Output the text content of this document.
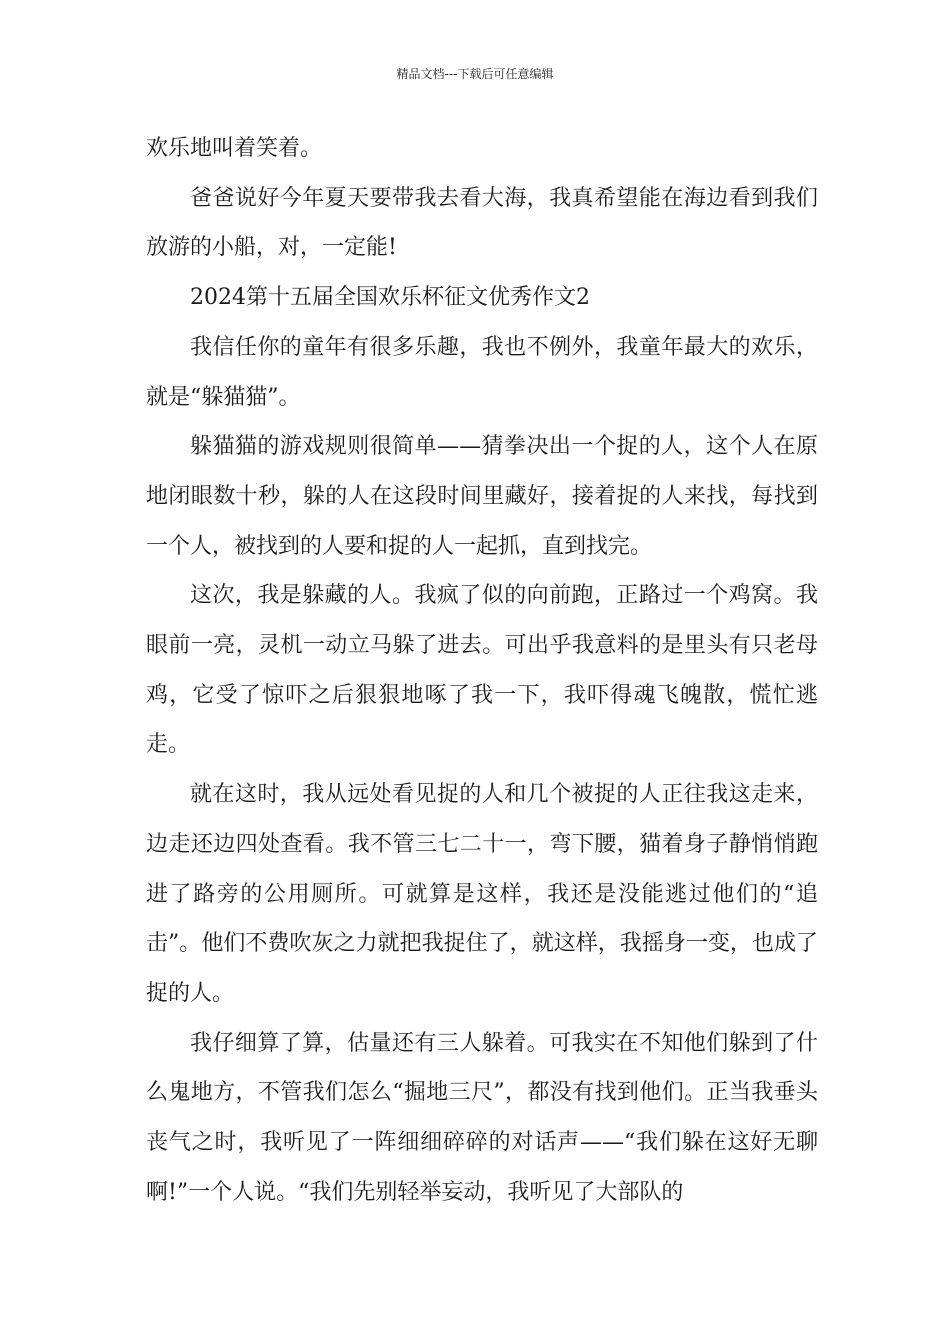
精品文档---下载后可任意编辑

欢乐地叫着笑着。

爸爸说好今年夏天要带我去看大海，我真希望能在海边看到我们放游的小船，对，一定能!

2024第十五届全国欢乐杯征文优秀作文2

我信任你的童年有很多乐趣，我也不例外，我童年最大的欢乐，就是“躲猫猫”。

躲猫猫的游戏规则很简单——猜拳决出一个捉的人，这个人在原地闭眼数十秒，躲的人在这段时间里藏好，接着捉的人来找，每找到一个人，被找到的人要和捉的人一起抓，直到找完。

这次，我是躲藏的人。我疯了似的向前跑，正路过一个鸡窝。我眼前一亮，灵机一动立马躲了进去。可出乎我意料的是里头有只老母鸡，它受了惊吓之后狠狠地啄了我一下，我吓得魂飞魄散，慌忙逃走。

就在这时，我从远处看见捉的人和几个被捉的人正往我这走来，边走还边四处查看。我不管三七二十一，弯下腰，猫着身子静悄悄跑进了路旁的公用厕所。可就算是这样，我还是没能逃过他们的“追击”。他们不费吹灰之力就把我捉住了，就这样，我摇身一变，也成了捉的人。

我仔细算了算，估量还有三人躲着。可我实在不知他们躲到了什么鬼地方，不管我们怎么“掘地三尺”，都没有找到他们。正当我垂头丧气之时，我听见了一阵细细碎碎的对话声——“我们躲在这好无聊啊!”一个人说。“我们先别轻举妄动，我听见了大部队的
